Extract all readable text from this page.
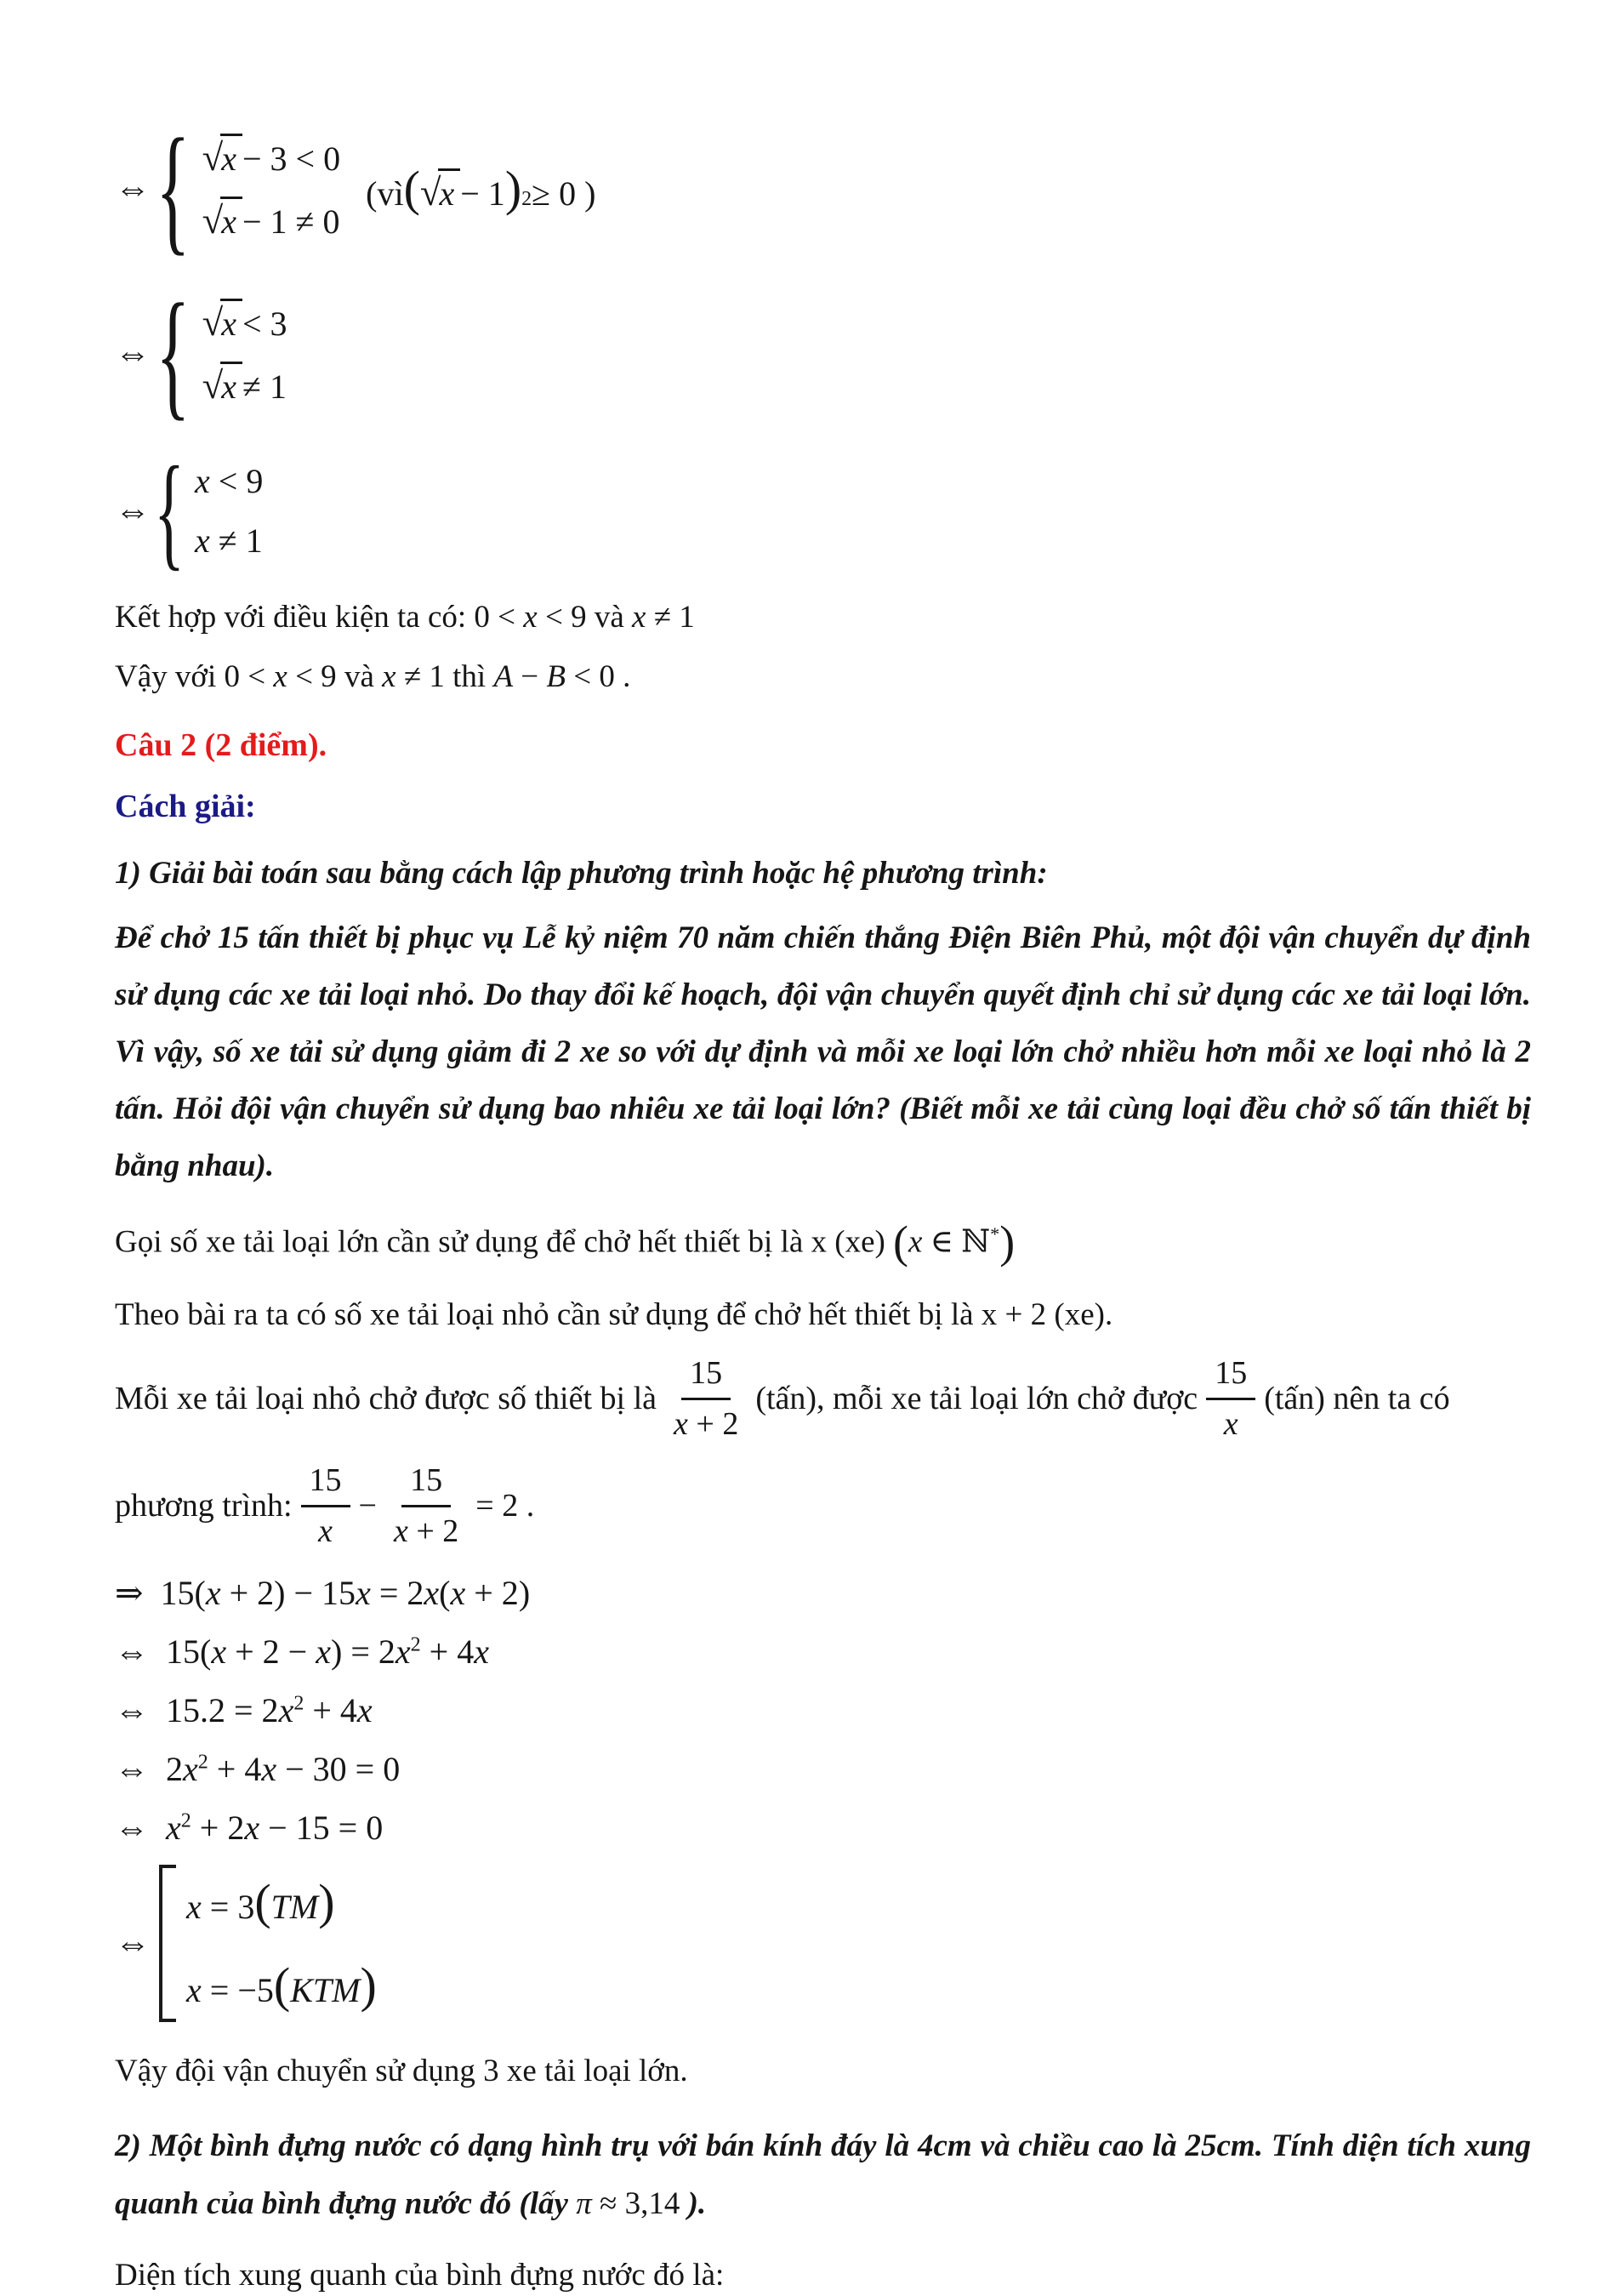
⇔ { √
x − 3 < 0
√
x − 1 ≠ 0
(vì ( √
x − 1 ) 2 ≥ 0 )
⇔ { √
x < 3
√
x ≠ 1
⇔ { x < 9
x ≠ 1
Kết hợp với điều kiện ta có: 0 < x < 9 và x ≠ 1
Vậy với 0 < x < 9 và x ≠ 1 thì A − B < 0 .
Câu 2 (2 điểm).
Cách giải:
1) Giải bài toán sau bằng cách lập phương trình hoặc hệ phương trình:
Để chở 15 tấn thiết bị phục vụ Lễ kỷ niệm 70 năm chiến thắng Điện Biên Phủ, một đội vận chuyển dự định sử dụng các xe tải loại nhỏ. Do thay đổi kế hoạch, đội vận chuyển quyết định chỉ sử dụng các xe tải loại lớn. Vì vậy, số xe tải sử dụng giảm đi 2 xe so với dự định và mỗi xe loại lớn chở nhiều hơn mỗi xe loại nhỏ là 2 tấn. Hỏi đội vận chuyển sử dụng bao nhiêu xe tải loại lớn? (Biết mỗi xe tải cùng loại đều chở số tấn thiết bị bằng nhau).
Gọi số xe tải loại lớn cần sử dụng để chở hết thiết bị là x (xe) (x ∈ ℕ*)
Theo bài ra ta có số xe tải loại nhỏ cần sử dụng để chở hết thiết bị là x + 2 (xe).
Mỗi xe tải loại nhỏ chở được số thiết bị là $\frac{15}{x + 2}$ (tấn), mỗi xe tải loại lớn chở được $\frac{15}{x}$ (tấn) nên ta có
phương trình: $\frac{15}{x} - \frac{15}{x + 2} = 2$ .
⇒ 15(x + 2) − 15x = 2x(x + 2)
⇔ $15(x + 2 - x) = 2x^2 + 4x$
⇔ $15.2 = 2x^2 + 4x$
⇔ $2x^2 + 4x - 30 = 0$
⇔ $x^2 + 2x - 15 = 0$
⇔
x = 3 ( TM )
x = −5 ( KTM )
Vậy đội vận chuyển sử dụng 3 xe tải loại lớn.
2) Một bình đựng nước có dạng hình trụ với bán kính đáy là 4cm và chiều cao là 25cm. Tính diện tích xung quanh của bình đựng nước đó (lấy π ≈ 3,14 ).
Diện tích xung quanh của bình đựng nước đó là:
